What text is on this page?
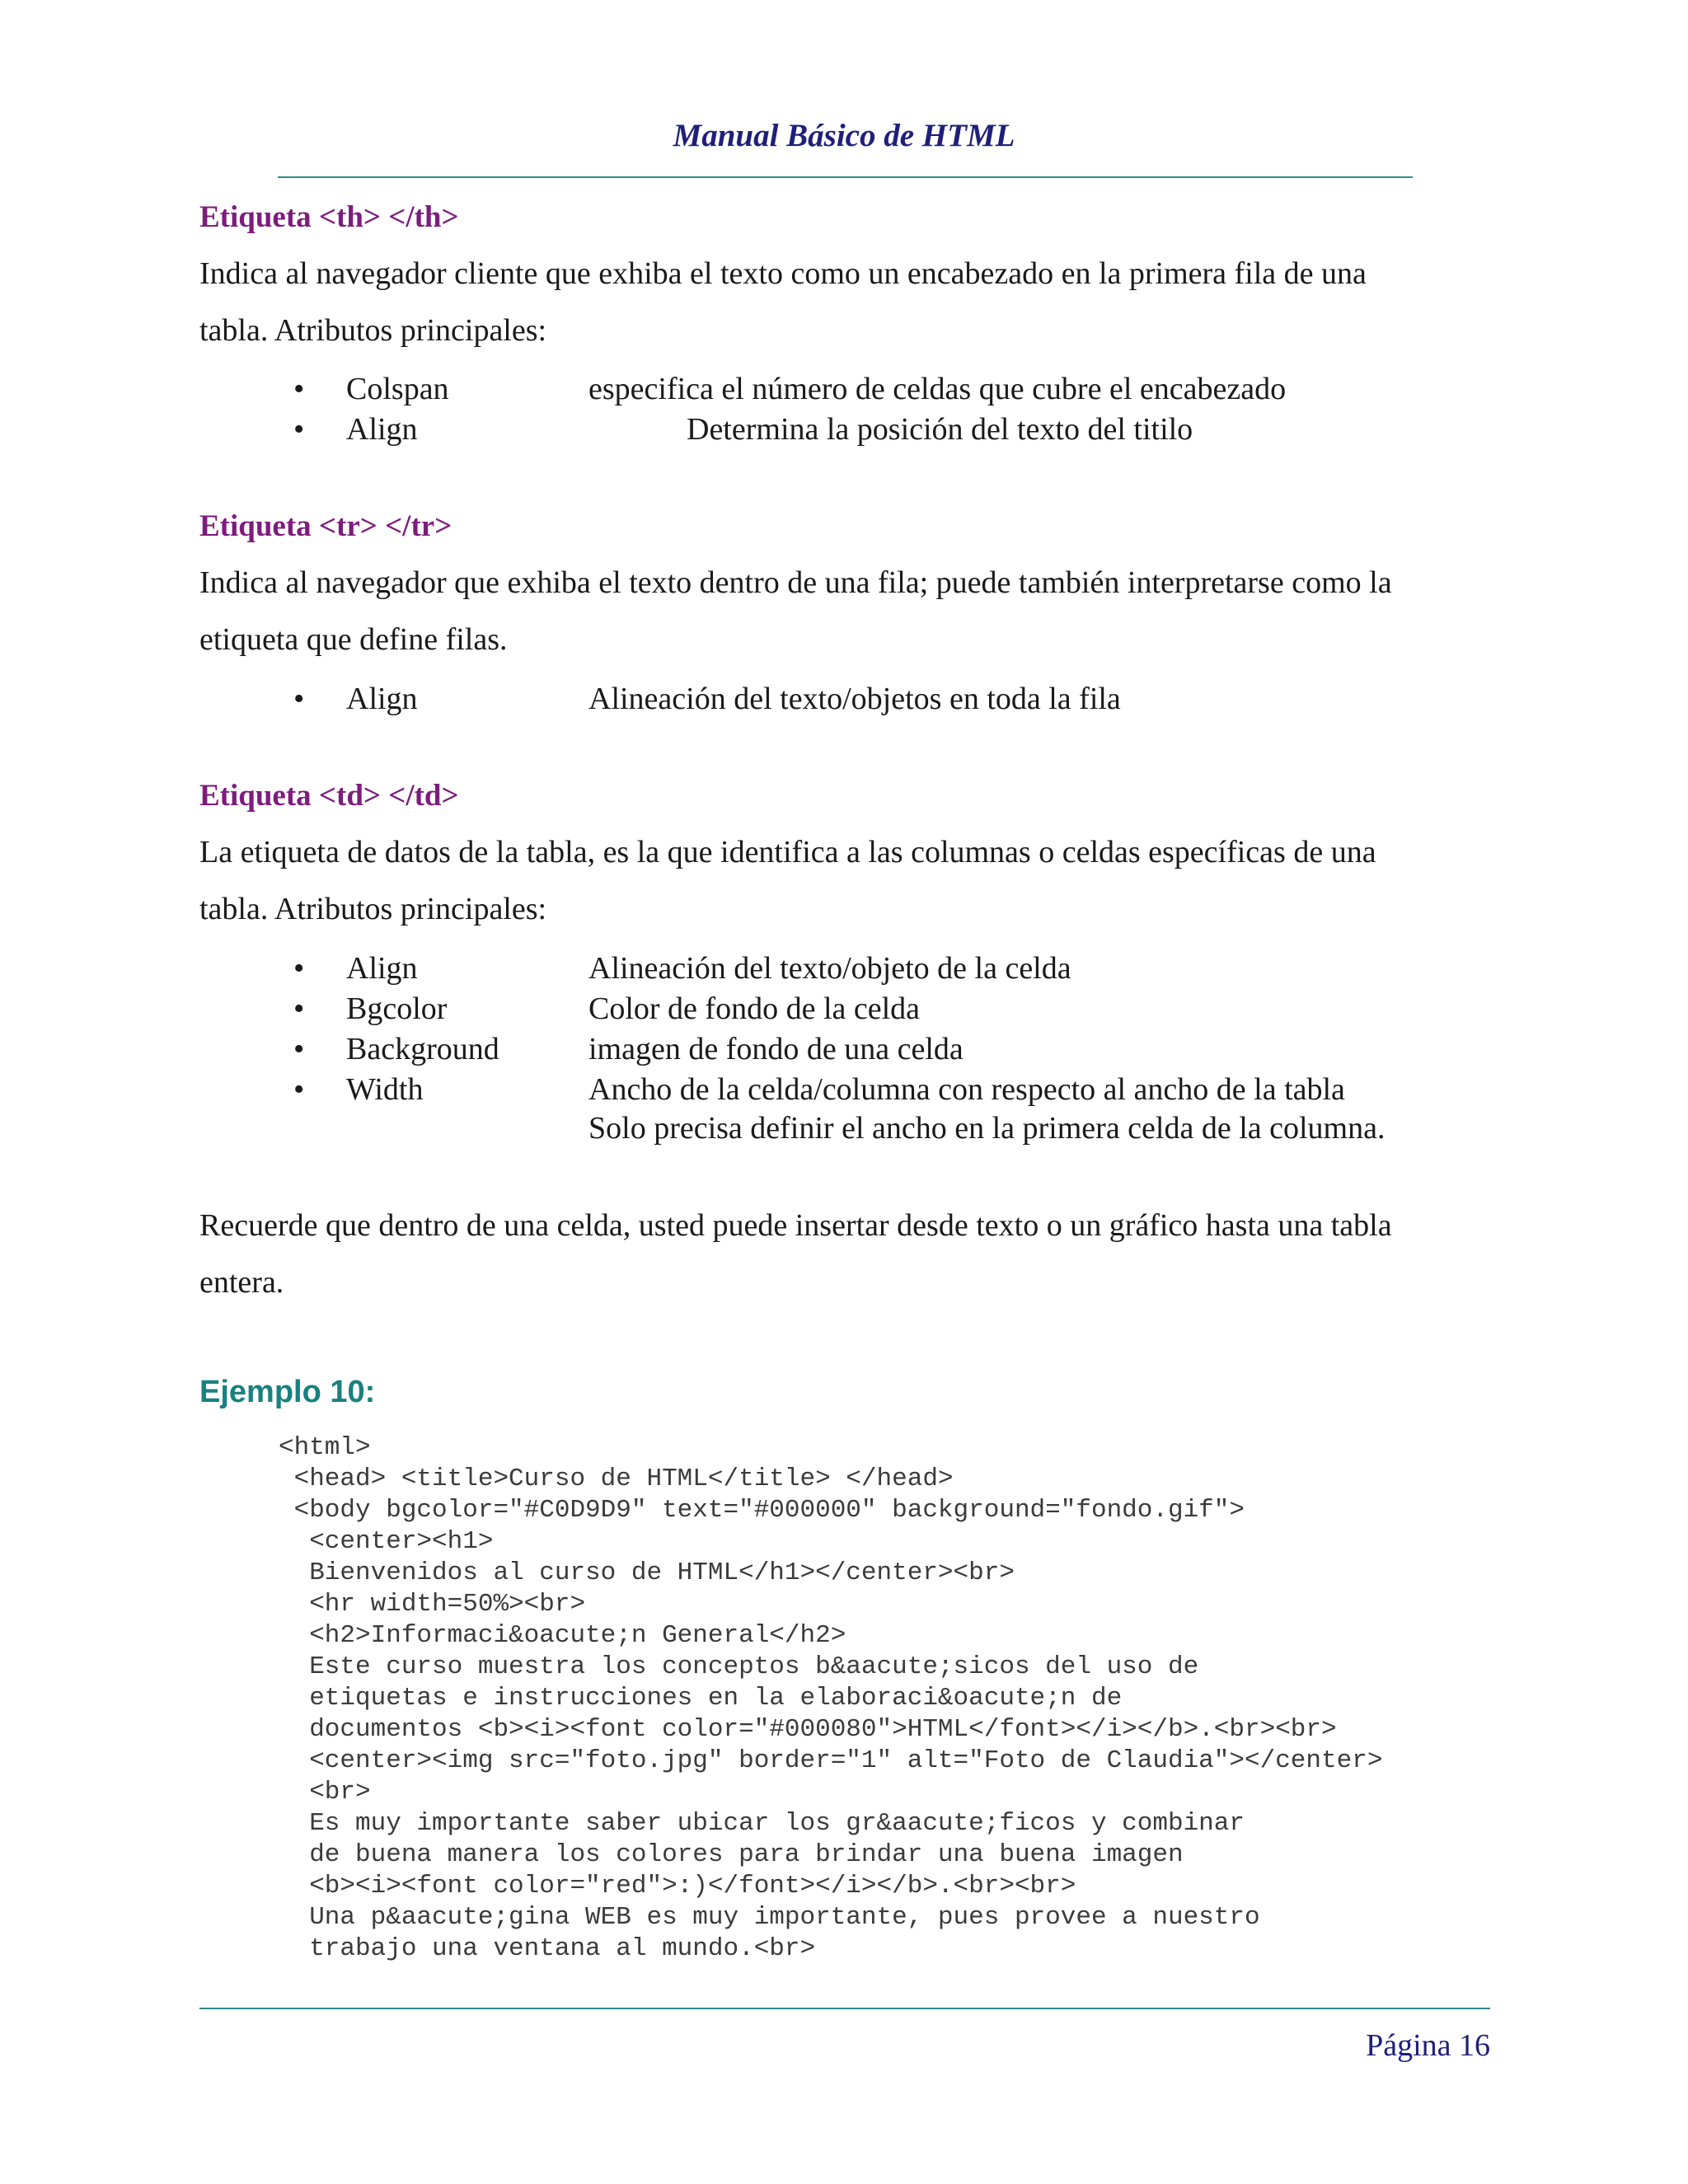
Manual Básico de HTML
Etiqueta <th> </th>
Indica al navegador cliente que exhiba el texto como un encabezado en la primera fila de una
tabla. Atributos principales:
• Colspan	especifica el número de celdas que cubre el encabezado
• Align	Determina la posición del texto del titilo
Etiqueta <tr> </tr>
Indica al navegador que exhiba el texto dentro de una fila; puede también interpretarse como la
etiqueta que define filas.
• Align	Alineación del texto/objetos en toda la fila
Etiqueta <td> </td>
La etiqueta de datos de la tabla, es la que identifica a las columnas o celdas específicas de una
tabla. Atributos principales:
• Align	Alineación del texto/objeto de la celda
• Bgcolor	Color de fondo de la celda
• Background	imagen de fondo de una celda
• Width	Ancho de la celda/columna con respecto al ancho de la tabla
Solo precisa definir el ancho en la primera celda de la columna.
Recuerde que dentro de una celda, usted puede insertar desde texto o un gráfico hasta una tabla
entera.
Ejemplo 10:
<html>
<head> <title>Curso de HTML</title> </head>
<body bgcolor="#C0D9D9" text="#000000" background="fondo.gif">
<center><h1>
Bienvenidos al curso de HTML</h1></center><br>
<hr width=50%><br>
<h2>Informaci&oacute;n General</h2>
Este curso muestra los conceptos b&aacute;sicos del uso de
etiquetas e instrucciones en la elaboraci&oacute;n de
documentos <b><i><font color="#000080">HTML</font></i></b>.<br><br>
<center><img src="foto.jpg" border="1" alt="Foto de Claudia"></center>
<br>
Es muy importante saber ubicar los gr&aacute;ficos y combinar
de buena manera los colores para brindar una buena imagen
<b><i><font color="red">:)</font></i></b>.<br><br>
Una p&aacute;gina WEB es muy importante, pues provee a nuestro
trabajo una ventana al mundo.<br>
Página 16
